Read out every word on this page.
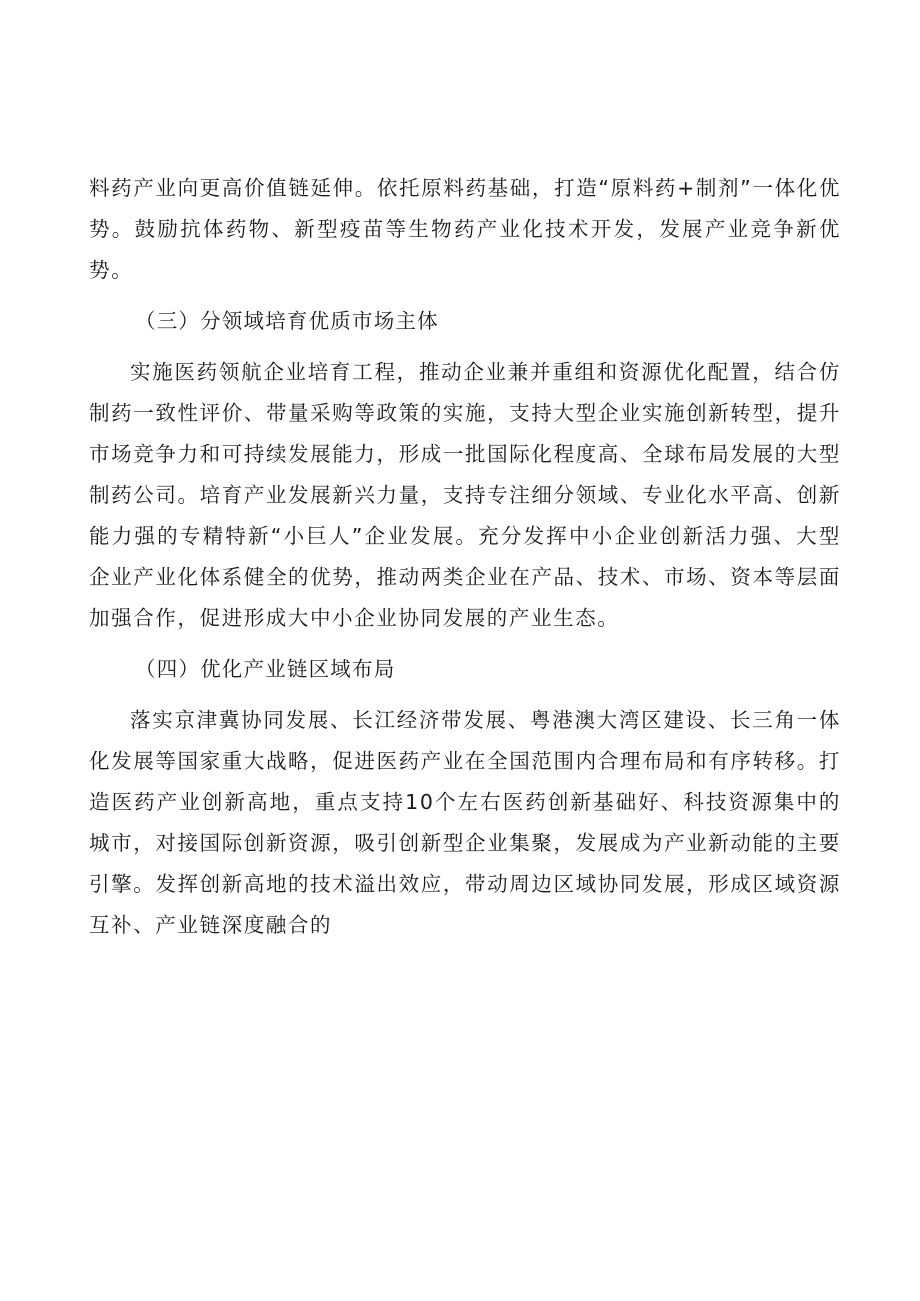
料药产业向更高价值链延伸。依托原料药基础，打造“原料药+制剂”一体化优势。鼓励抗体药物、新型疫苗等生物药产业化技术开发，发展产业竞争新优势。

（三）分领域培育优质市场主体

实施医药领航企业培育工程，推动企业兼并重组和资源优化配置，结合仿制药一致性评价、带量采购等政策的实施，支持大型企业实施创新转型，提升市场竞争力和可持续发展能力，形成一批国际化程度高、全球布局发展的大型制药公司。培育产业发展新兴力量，支持专注细分领域、专业化水平高、创新能力强的专精特新“小巨人”企业发展。充分发挥中小企业创新活力强、大型企业产业化体系健全的优势，推动两类企业在产品、技术、市场、资本等层面加强合作，促进形成大中小企业协同发展的产业生态。

（四）优化产业链区域布局

落实京津冀协同发展、长江经济带发展、粤港澳大湾区建设、长三角一体化发展等国家重大战略，促进医药产业在全国范围内合理布局和有序转移。打造医药产业创新高地，重点支持10个左右医药创新基础好、科技资源集中的城市，对接国际创新资源，吸引创新型企业集聚，发展成为产业新动能的主要引擎。发挥创新高地的技术溢出效应，带动周边区域协同发展，形成区域资源互补、产业链深度融合的
